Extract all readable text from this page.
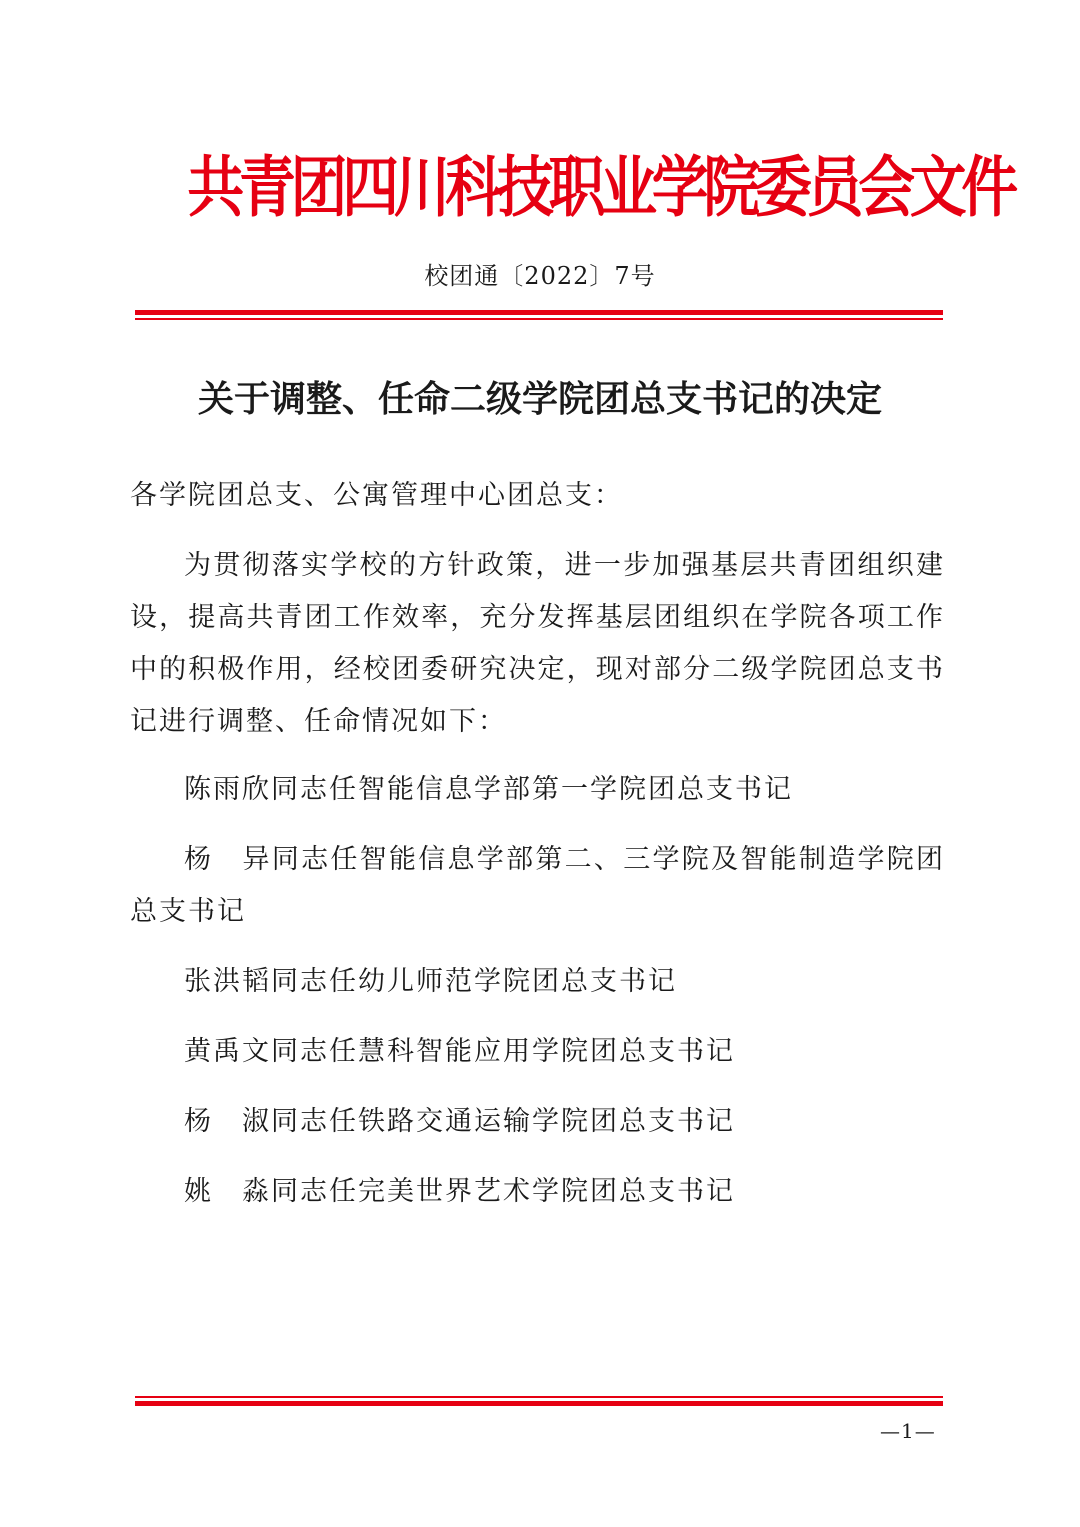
共青团四川科技职业学院委员会文件
校团通〔2022〕7号
关于调整、任命二级学院团总支书记的决定
各学院团总支、公寓管理中心团总支：
为贯彻落实学校的方针政策，进一步加强基层共青团组织建设，提高共青团工作效率，充分发挥基层团组织在学院各项工作中的积极作用，经校团委研究决定，现对部分二级学院团总支书记进行调整、任命情况如下：
陈雨欣同志任智能信息学部第一学院团总支书记
杨　异同志任智能信息学部第二、三学院及智能制造学院团总支书记
张洪韬同志任幼儿师范学院团总支书记
黄禹文同志任慧科智能应用学院团总支书记
杨　淑同志任铁路交通运输学院团总支书记
姚　淼同志任完美世界艺术学院团总支书记
—1—
